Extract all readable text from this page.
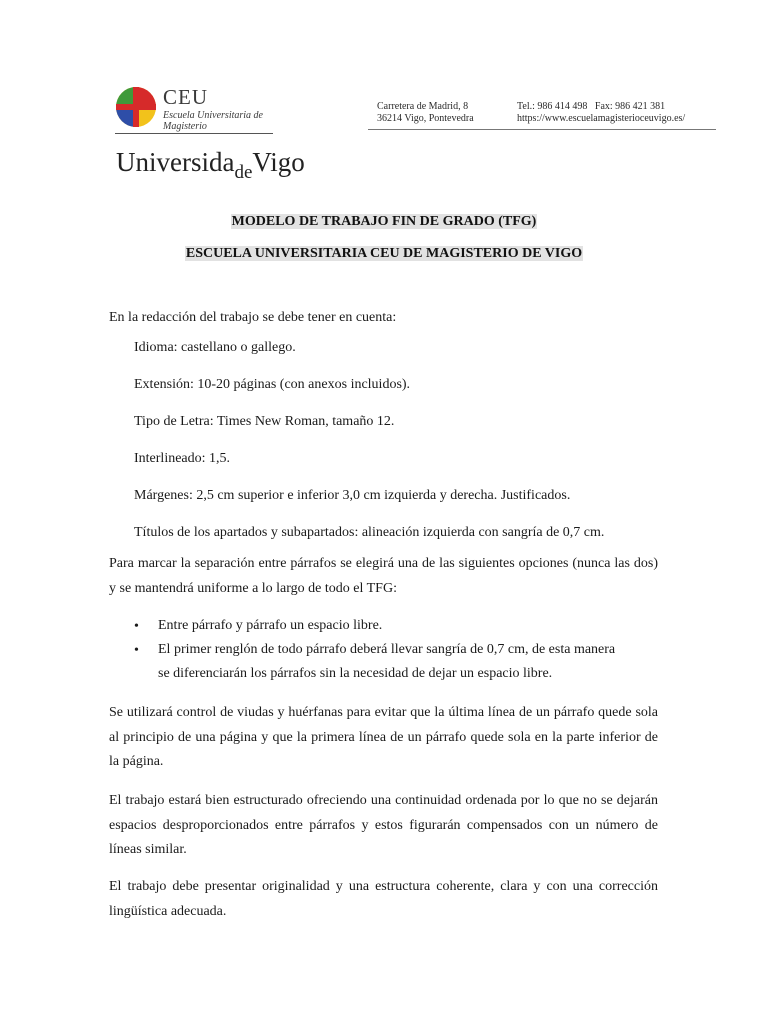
CEU
Escuela Universitaria de Magisterio
Carretera de Madrid, 8
36214 Vigo, Pontevedra
Tel.: 986 414 498   Fax: 986 421 381
https://www.escuelamagisterioceuvigo.es/
Universida$_{de}$Vigo
MODELO DE TRABAJO FIN DE GRADO (TFG)
ESCUELA UNIVERSITARIA CEU DE MAGISTERIO DE VIGO
En la redacción del trabajo se debe tener en cuenta:
Idioma: castellano o gallego.
Extensión: 10-20 páginas (con anexos incluidos).
Tipo de Letra: Times New Roman, tamaño 12.
Interlineado: 1,5.
Márgenes: 2,5 cm superior e inferior 3,0 cm izquierda y derecha. Justificados.
Títulos de los apartados y subapartados: alineación izquierda con sangría de 0,7 cm.
Para marcar la separación entre párrafos se elegirá una de las siguientes opciones (nunca las dos) y se mantendrá uniforme a lo largo de todo el TFG:
• Entre párrafo y párrafo un espacio libre.
• El primer renglón de todo párrafo deberá llevar sangría de 0,7 cm, de esta manera se diferenciarán los párrafos sin la necesidad de dejar un espacio libre.
Se utilizará control de viudas y huérfanas para evitar que la última línea de un párrafo quede sola al principio de una página y que la primera línea de un párrafo quede sola en la parte inferior de la página.
El trabajo estará bien estructurado ofreciendo una continuidad ordenada por lo que no se dejarán espacios desproporcionados entre párrafos y estos figurarán compensados con un número de líneas similar.
El trabajo debe presentar originalidad y una estructura coherente, clara y con una corrección lingüística adecuada.
